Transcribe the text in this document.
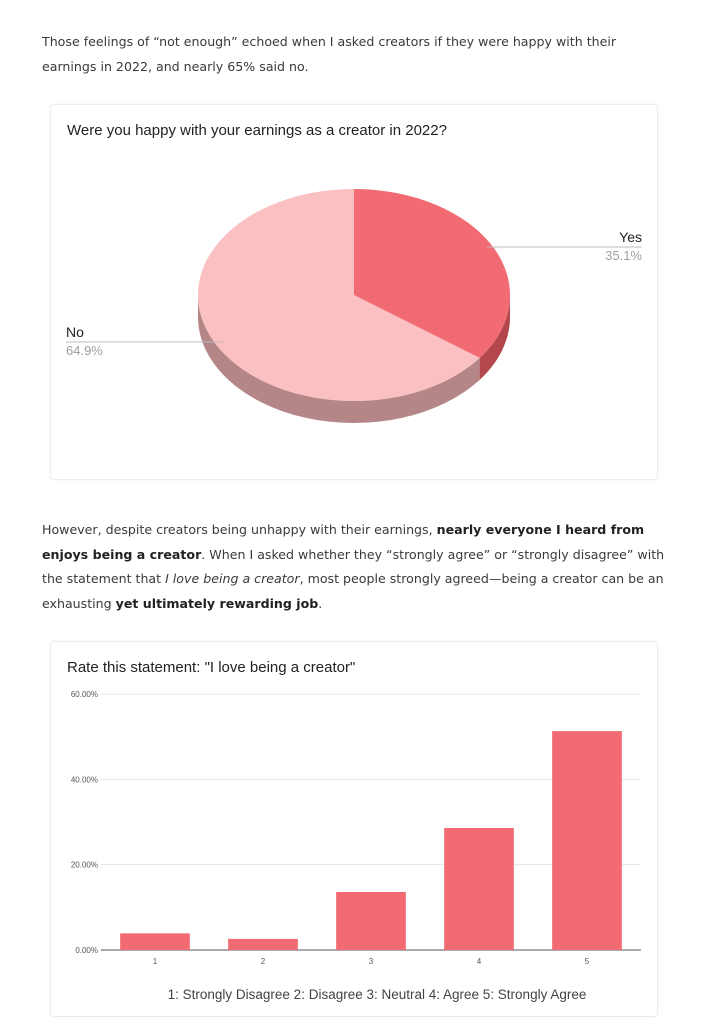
Those feelings of “not enough” echoed when I asked creators if they were happy with their earnings in 2022, and nearly 65% said no.

Were you happy with your earnings as a creator in 2022?

Yes
35.1%
No
64.9%

However, despite creators being unhappy with their earnings, nearly everyone I heard from enjoys being a creator. When I asked whether they “strongly agree” or “strongly disagree” with the statement that I love being a creator, most people strongly agreed—being a creator can be an exhausting yet ultimately rewarding job.

Rate this statement: "I love being a creator"

0.00%
20.00%
40.00%
60.00%
1	2	3	4	5
1: Strongly Disagree 2: Disagree 3: Neutral 4: Agree 5: Strongly Agree
